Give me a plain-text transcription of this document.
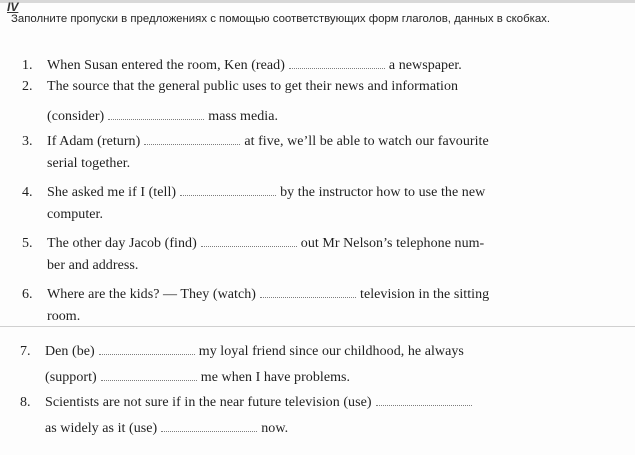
IV
Заполните пропуски в предложениях с помощью соответствующих форм глаголов, данных в скобках.
1. When Susan entered the room, Ken (read)	a newspaper.
2. The source that the general public uses to get their news and information
(consider)	mass media.
3. If Adam (return)	at five, we’ll be able to watch our favourite
serial together.
4. She asked me if I (tell)	by the instructor how to use the new
computer.
5. The other day Jacob (find)	out Mr Nelson’s telephone num-
ber and address.
6. Where are the kids? — They (watch)	television in the sitting
room.
7. Den (be)	my loyal friend since our childhood, he always
(support)	me when I have problems.
8. Scientists are not sure if in the near future television (use)
as widely as it (use)	now.
